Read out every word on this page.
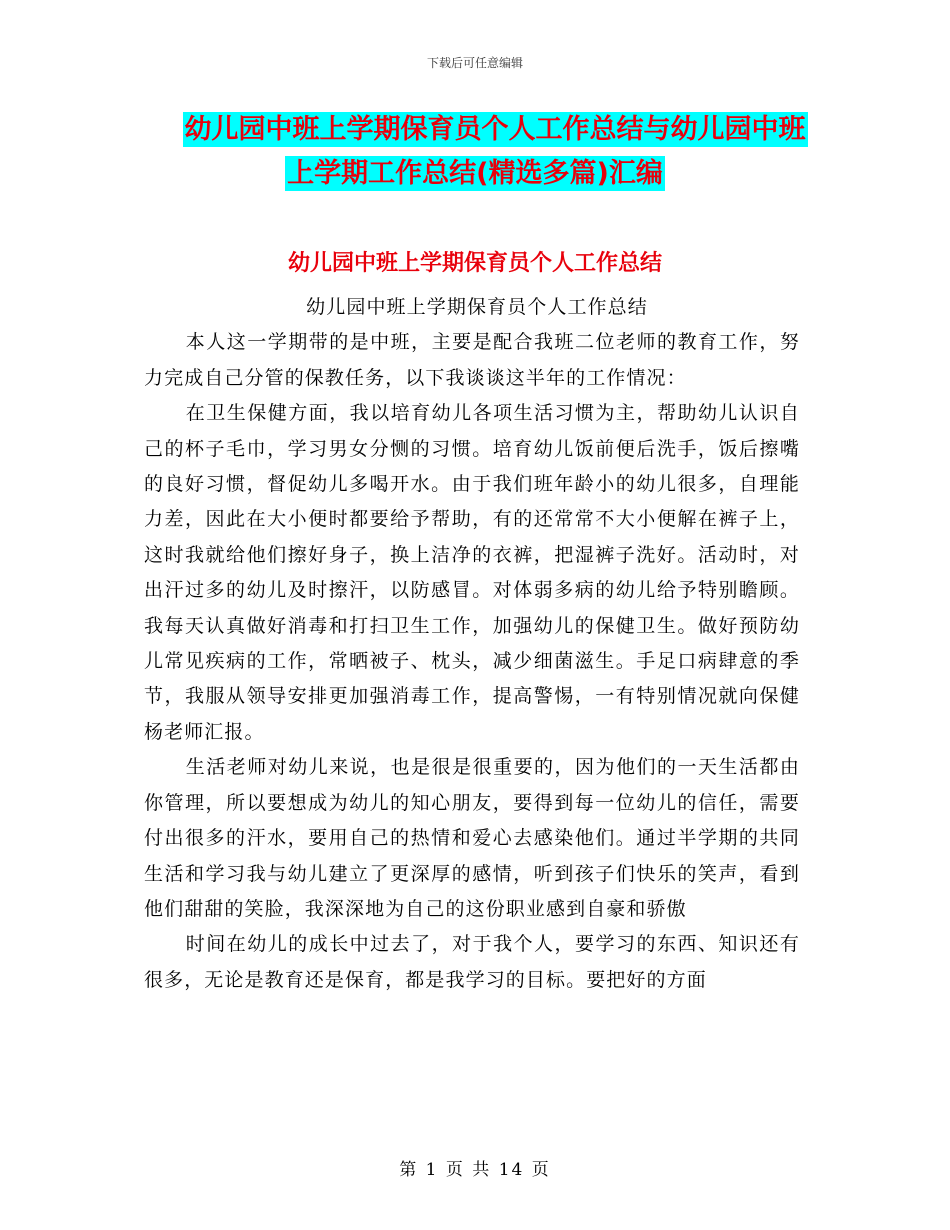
下载后可任意编辑
幼儿园中班上学期保育员个人工作总结与幼儿园中班
上学期工作总结(精选多篇)汇编
幼儿园中班上学期保育员个人工作总结
幼儿园中班上学期保育员个人工作总结

本人这一学期带的是中班，主要是配合我班二位老师的教育工作，努力完成自己分管的保教任务，以下我谈谈这半年的工作情况：

在卫生保健方面，我以培育幼儿各项生活习惯为主，帮助幼儿认识自己的杯子毛巾，学习男女分恻的习惯。培育幼儿饭前便后洗手，饭后擦嘴的良好习惯，督促幼儿多喝开水。由于我们班年龄小的幼儿很多，自理能力差，因此在大小便时都要给予帮助，有的还常常不大小便解在裤子上，这时我就给他们擦好身子，换上洁净的衣裤，把湿裤子洗好。活动时，对出汗过多的幼儿及时擦汗，以防感冒。对体弱多病的幼儿给予特别瞻顾。我每天认真做好消毒和打扫卫生工作，加强幼儿的保健卫生。做好预防幼儿常见疾病的工作，常晒被子、枕头，减少细菌滋生。手足口病肆意的季节，我服从领导安排更加强消毒工作，提高警惕，一有特别情况就向保健杨老师汇报。

生活老师对幼儿来说，也是很是很重要的，因为他们的一天生活都由你管理，所以要想成为幼儿的知心朋友，要得到每一位幼儿的信任，需要付出很多的汗水，要用自己的热情和爱心去感染他们。通过半学期的共同生活和学习我与幼儿建立了更深厚的感情，听到孩子们快乐的笑声，看到他们甜甜的笑脸，我深深地为自己的这份职业感到自豪和骄傲

时间在幼儿的成长中过去了，对于我个人，要学习的东西、知识还有很多，无论是教育还是保育，都是我学习的目标。要把好的方面

第 1 页 共 14 页
